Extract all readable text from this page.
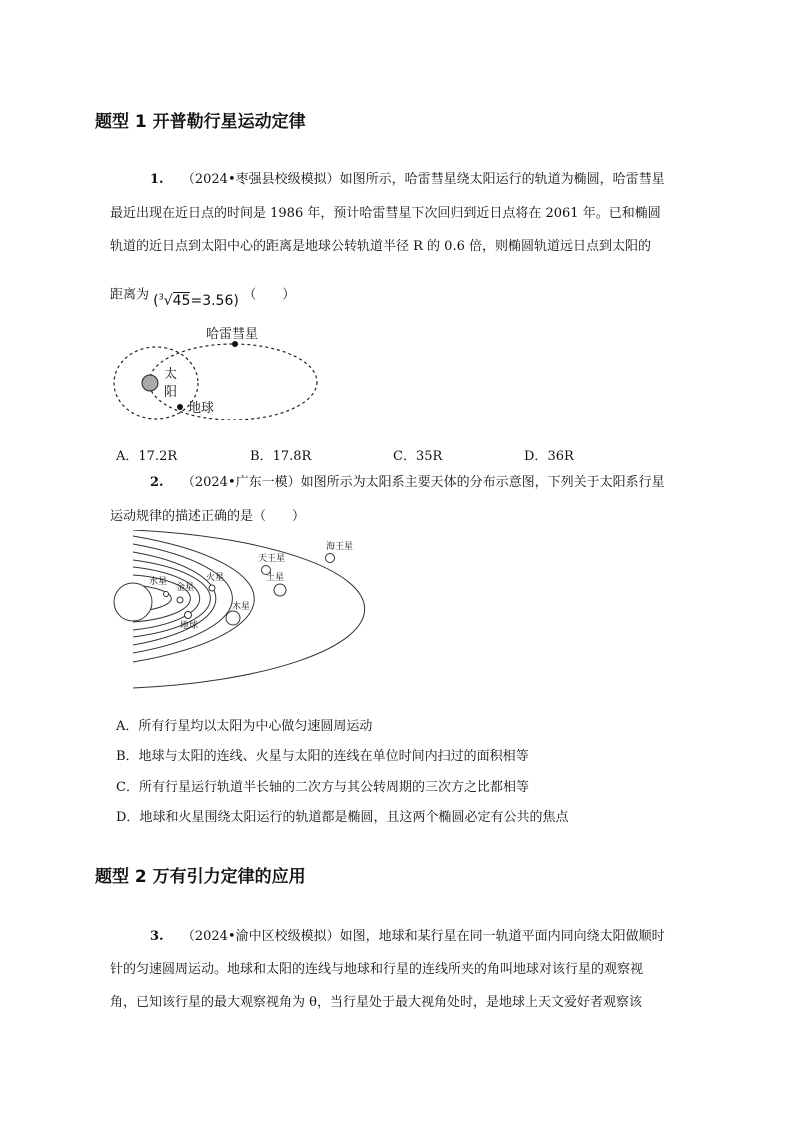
题型 1 开普勒行星运动定律
1. （2024•枣强县校级模拟）如图所示，哈雷彗星绕太阳运行的轨道为椭圆，哈雷彗星
最近出现在近日点的时间是 1986 年，预计哈雷彗星下次回归到近日点将在 2061 年。已和椭圆
轨道的近日点到太阳中心的距离是地球公转轨道半径 R 的 0.6 倍，则椭圆轨道远日点到太阳的
距离为 ($^3$√45=3.56) （　　）
哈雷彗星
太
阳
地球
A．17.2R	B．17.8R	C．35R	D．36R
2. （2024•广东一模）如图所示为太阳系主要天体的分布示意图，下列关于太阳系行星
运动规律的描述正确的是（　　）
水星
金星
火星
地球
木星
土星
天王星
海王星
A．所有行星均以太阳为中心做匀速圆周运动
B．地球与太阳的连线、火星与太阳的连线在单位时间内扫过的面积相等
C．所有行星运行轨道半长轴的二次方与其公转周期的三次方之比都相等
D．地球和火星围绕太阳运行的轨道都是椭圆，且这两个椭圆必定有公共的焦点
题型 2 万有引力定律的应用
3. （2024•渝中区校级模拟）如图，地球和某行星在同一轨道平面内同向绕太阳做顺时
针的匀速圆周运动。地球和太阳的连线与地球和行星的连线所夹的角叫地球对该行星的观察视
角，已知该行星的最大观察视角为 θ，当行星处于最大视角处时，是地球上天文爱好者观察该
